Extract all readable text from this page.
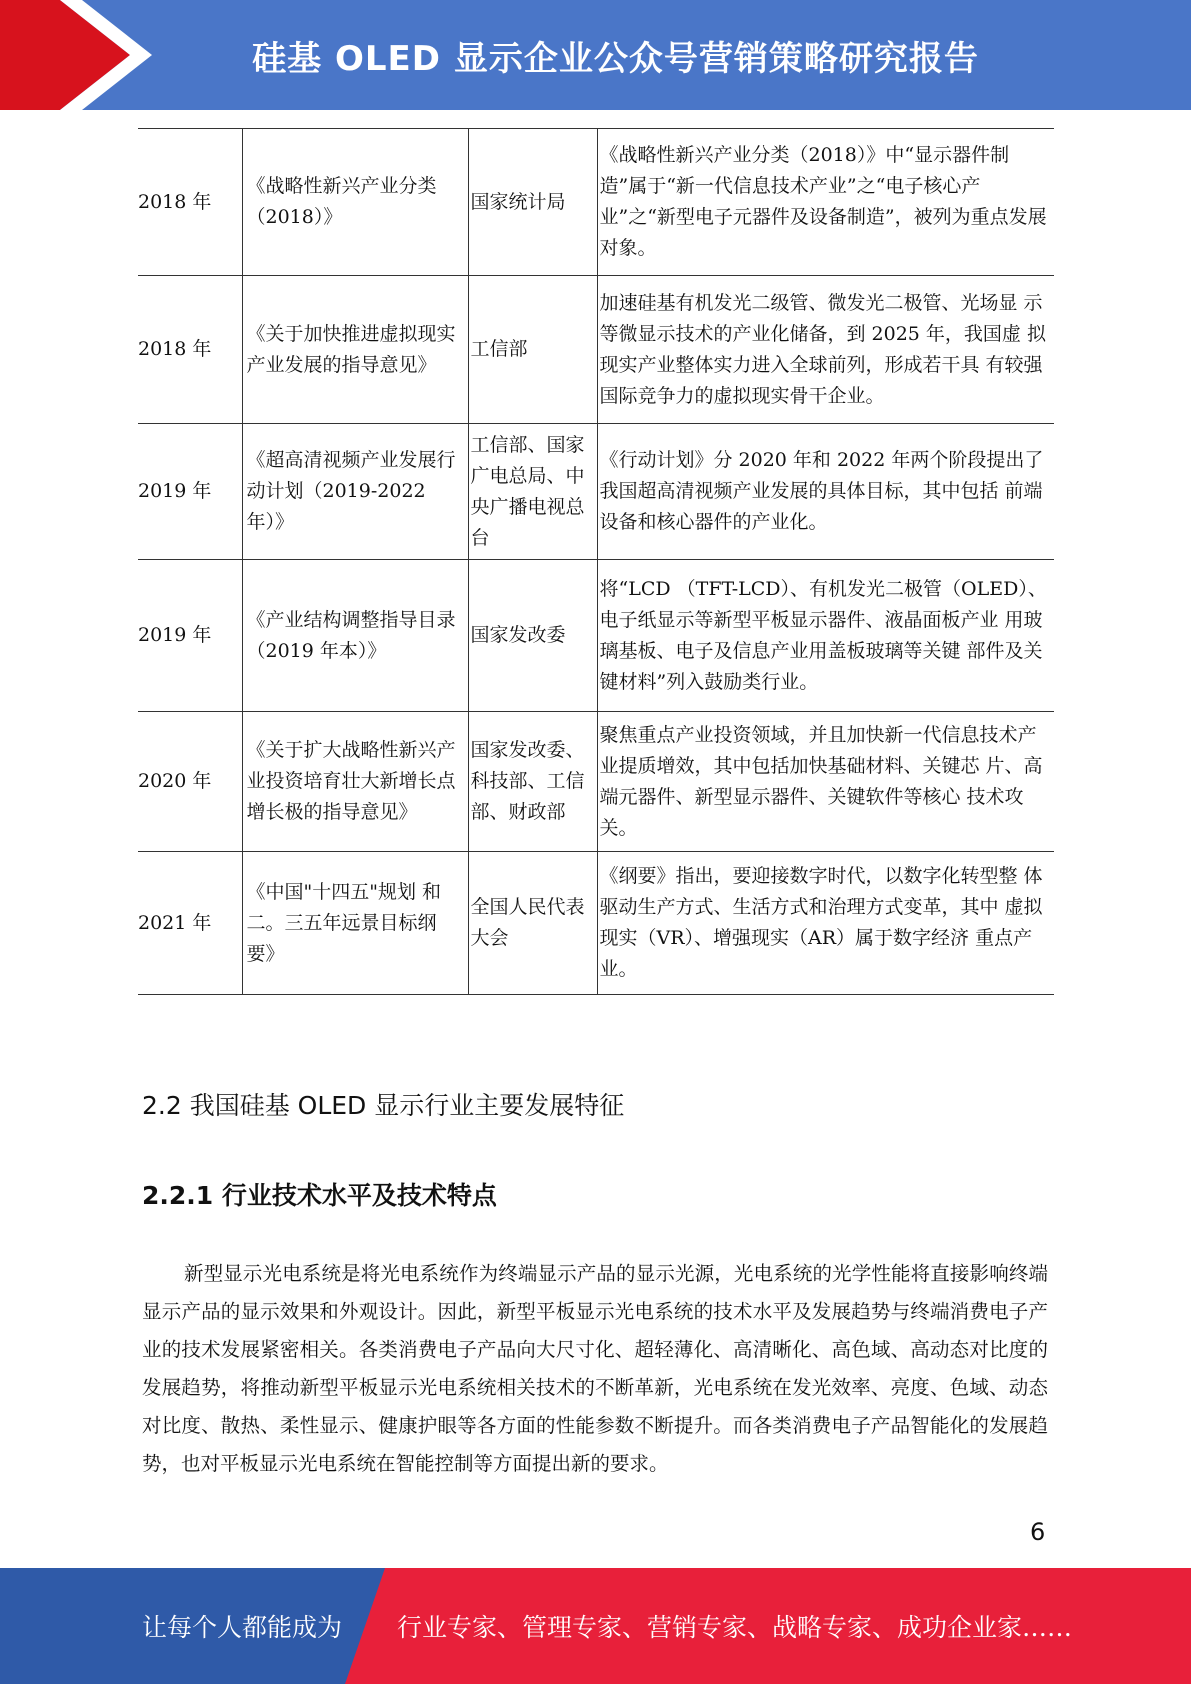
硅基 OLED 显示企业公众号营销策略研究报告
2018 年	《战略性新兴产业分类（2018）》	国家统计局	《战略性新兴产业分类（2018）》中“显示器件制造”属于“新一代信息技术产业”之“电子核心产业”之“新型电子元器件及设备制造”，被列为重点发展对象。
2018 年	《关于加快推进虚拟现实产业发展的指导意见》	工信部	加速硅基有机发光二级管、微发光二极管、光场显 示等微显示技术的产业化储备，到 2025 年，我国虚 拟现实产业整体实力进入全球前列，形成若干具 有较强国际竞争力的虚拟现实骨干企业。
2019 年	《超高清视频产业发展行动计划（2019-2022 年）》	工信部、国家广电总局、中央广播电视总台	《行动计划》分 2020 年和 2022 年两个阶段提出了 我国超高清视频产业发展的具体目标，其中包括 前端设备和核心器件的产业化。
2019 年	《产业结构调整指导目录（2019 年本）》	国家发改委	将“LCD （TFT-LCD）、有机发光二极管（OLED）、 电子纸显示等新型平板显示器件、液晶面板产业 用玻璃基板、电子及信息产业用盖板玻璃等关键 部件及关键材料”列入鼓励类行业。
2020 年	《关于扩大战略性新兴产业投资培育壮大新增长点增长极的指导意见》	国家发改委、科技部、工信部、财政部	聚焦重点产业投资领域，并且加快新一代信息技术产业提质增效，其中包括加快基础材料、关键芯 片、高端元器件、新型显示器件、关键软件等核心 技术攻关。
2021 年	《中国"十四五"规划 和二。三五年远景目标纲要》	全国人民代表大会	《纲要》指出，要迎接数字时代，以数字化转型整 体驱动生产方式、生活方式和治理方式变革，其中 虚拟现实（VR）、增强现实（AR）属于数字经济 重点产业。
2.2 我国硅基 OLED 显示行业主要发展特征
2.2.1 行业技术水平及技术特点

新型显示光电系统是将光电系统作为终端显示产品的显示光源，光电系统的光学性能将直接影响终端显示产品的显示效果和外观设计。因此，新型平板显示光电系统的技术水平及发展趋势与终端消费电子产业的技术发展紧密相关。各类消费电子产品向大尺寸化、超轻薄化、高清晰化、高色域、高动态对比度的发展趋势，将推动新型平板显示光电系统相关技术的不断革新，光电系统在发光效率、亮度、色域、动态对比度、散热、柔性显示、健康护眼等各方面的性能参数不断提升。而各类消费电子产品智能化的发展趋势，也对平板显示光电系统在智能控制等方面提出新的要求。

6
让每个人都能成为 行业专家、管理专家、营销专家、战略专家、成功企业家……
